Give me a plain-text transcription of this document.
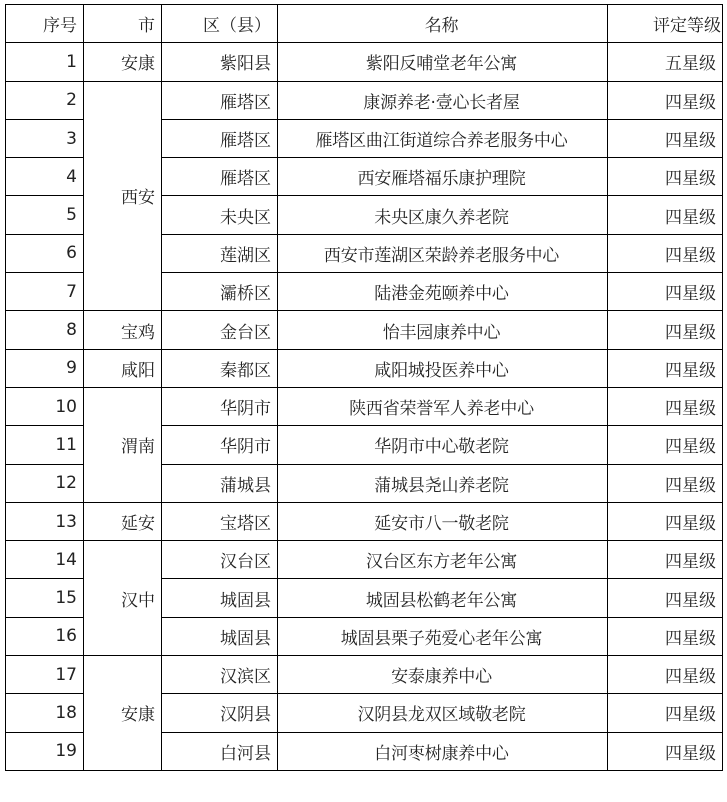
序号	市	区（县）	名称	评定等级
1	安康	紫阳县	紫阳反哺堂老年公寓	五星级
2	西安	雁塔区	康源养老·壹心长者屋	四星级
3		雁塔区	雁塔区曲江街道综合养老服务中心	四星级
4		雁塔区	西安雁塔福乐康护理院	四星级
5		未央区	未央区康久养老院	四星级
6		莲湖区	西安市莲湖区荣龄养老服务中心	四星级
7		灞桥区	陆港金苑颐养中心	四星级
8	宝鸡	金台区	怡丰园康养中心	四星级
9	咸阳	秦都区	咸阳城投医养中心	四星级
10	渭南	华阴市	陕西省荣誉军人养老中心	四星级
11		华阴市	华阴市中心敬老院	四星级
12		蒲城县	蒲城县尧山养老院	四星级
13	延安	宝塔区	延安市八一敬老院	四星级
14	汉中	汉台区	汉台区东方老年公寓	四星级
15		城固县	城固县松鹤老年公寓	四星级
16		城固县	城固县栗子苑爱心老年公寓	四星级
17	安康	汉滨区	安泰康养中心	四星级
18		汉阴县	汉阴县龙双区域敬老院	四星级
19		白河县	白河枣树康养中心	四星级
